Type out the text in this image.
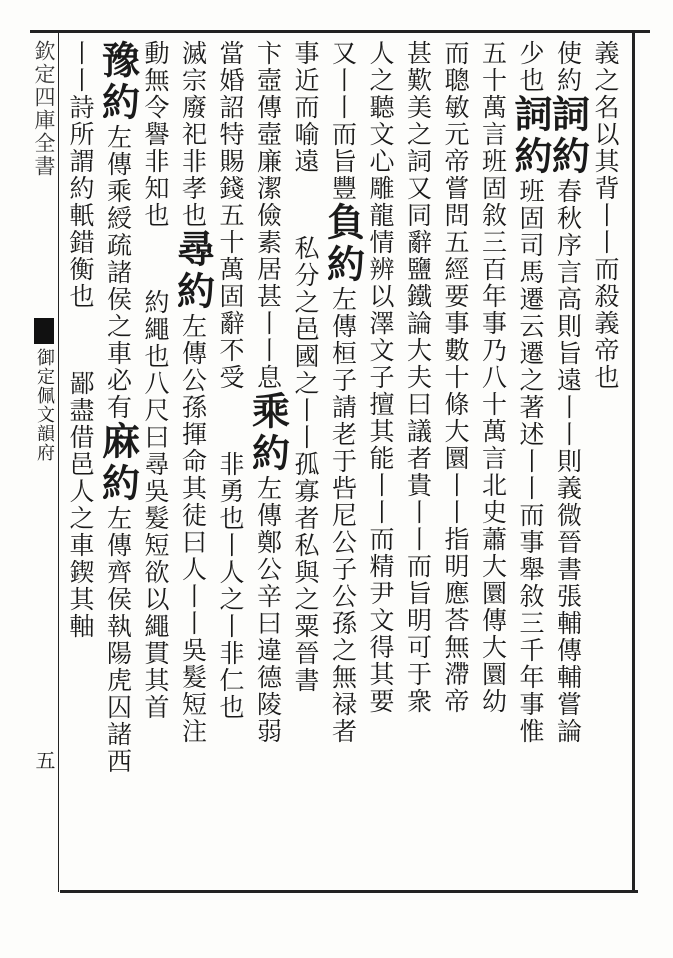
欽定四庫全書
御定佩文韻府
五
義之名以其背丨丨而殺義帝也
使約詞約春秋序言高則旨遠丨丨則義微晉書張輔傳輔嘗論
少也詞約班固司馬遷云遷之著述丨丨而事舉敘三千年事惟
五十萬言班固敘三百年事乃八十萬言北史蕭大圜傳大圜幼
而聰敏元帝嘗問五經要事數十條大圜丨丨指明應荅無滯帝
甚歎美之詞又同辭鹽鐵論大夫曰議者貴丨丨而旨明可于衆
人之聽文心雕龍情辨以澤文子擅其能丨丨而精尹文得其要
又丨丨而旨豐負約左傳桓子請老于呰尼公子公孫之無禄者
事近而喻遠私分之邑國之丨丨孤寡者私與之粟晉書
卞壼傳壼廉潔儉素居甚丨丨息乘約左傳鄭公辛曰違德陵弱
當婚詔特賜錢五十萬固辭不受非勇也丨人之丨非仁也
滅宗廢祀非孝也尋約左傳公孫揮命其徒曰人丨丨吳髮短注
動無令譽非知也約繩也八尺曰尋吳髮短欲以繩貫其首
豫約左傳乘綬疏諸侯之車必有麻約左傳齊侯執陽虎囚諸西
丨丨詩所謂約軝錯衡也鄙盡借邑人之車鍥其軸
